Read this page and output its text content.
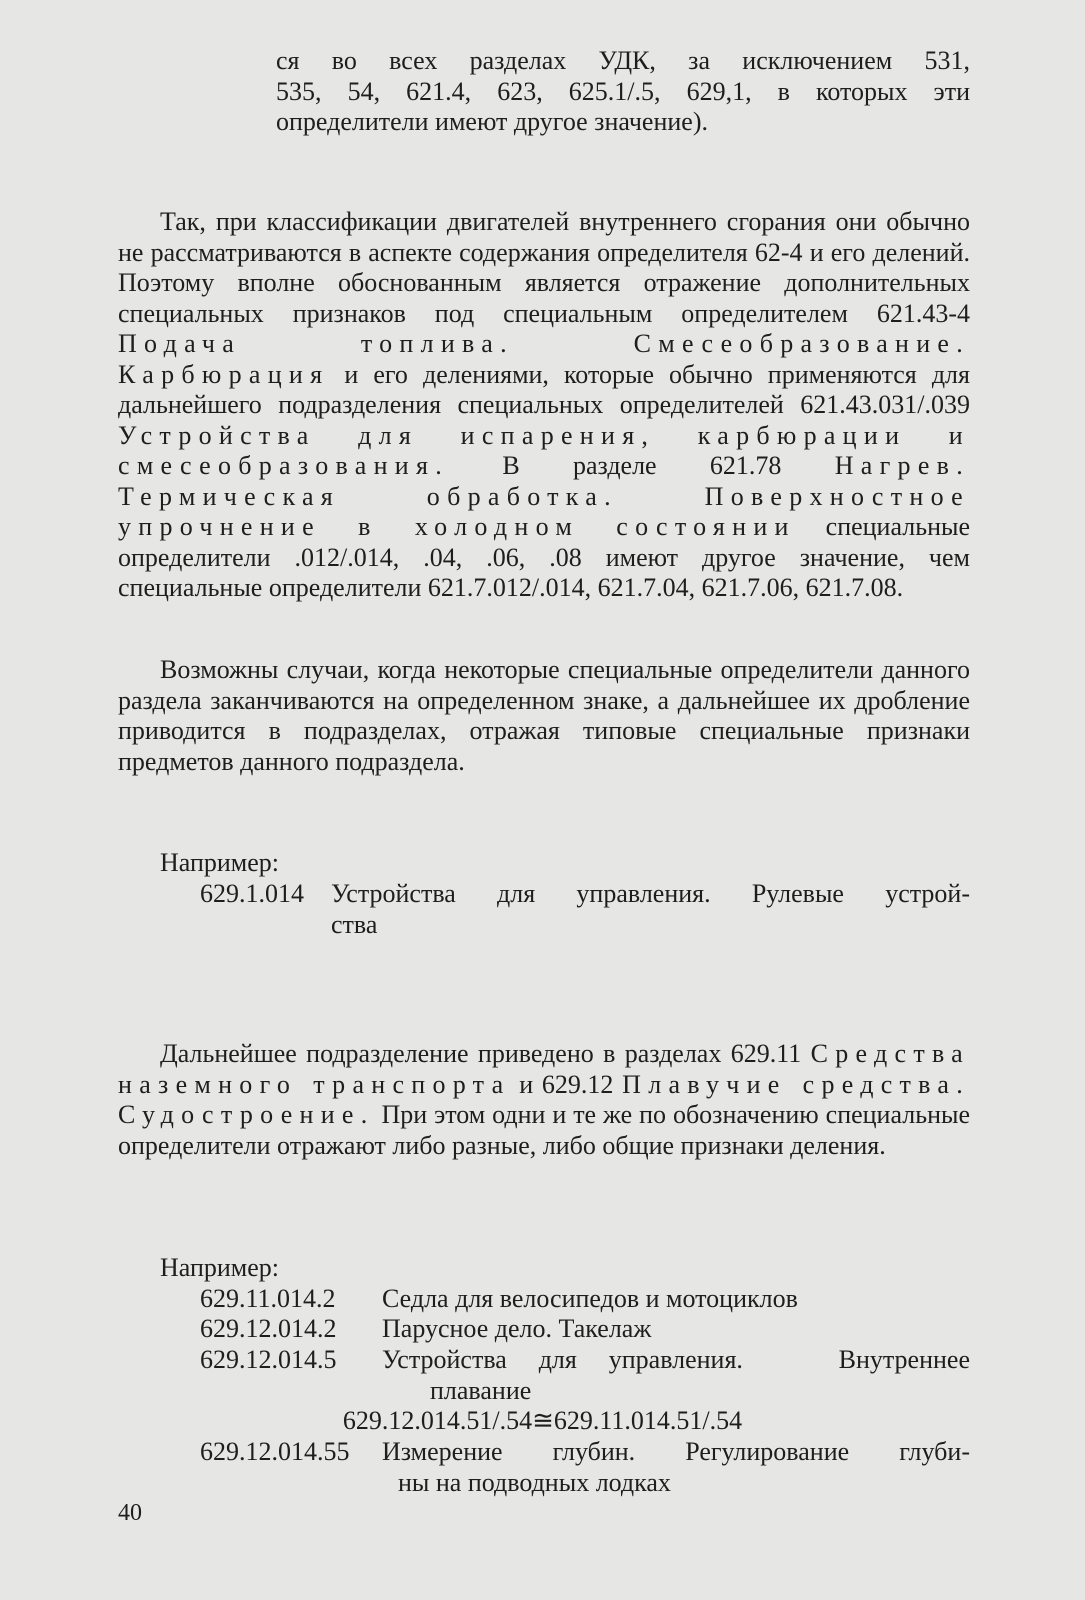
ся во всех разделах УДК, за исключением 531,
535, 54, 621.4, 623, 625.1/.5, 629,1, в которых эти
определители имеют другое значение).
Так, при классификации двигателей внутреннего сгорания они обычно не рассматриваются в аспекте содержания определителя 62-4 и его делений. Поэтому вполне обоснованным является отражение дополнительных специальных признаков под специальным определителем 621.43-4 Подача топлива. Смесеобразование. Карбюрация и его делениями, которые обычно применяются для дальнейшего подразделения специальных определителей 621.43.031/.039 Устройства для испарения, карбюрации и смесеобразования. В разделе 621.78 Нагрев. Термическая обработка. Поверхностное упрочнение в холодном состоянии специальные определители .012/.014, .04, .06, .08 имеют другое значение, чем специальные определители 621.7.012/.014, 621.7.04, 621.7.06, 621.7.08.
Возможны случаи, когда некоторые специальные определители данного раздела заканчиваются на определенном знаке, а дальнейшее их дробление приводится в подразделах, отражая типовые специальные признаки предметов данного подраздела.
Например:
629.1.014 Устройства для управления. Рулевые устрой-
ства
Дальнейшее подразделение приведено в разделах 629.11 Средства наземного транспорта и 629.12 Плавучие средства. Судостроение. При этом одни и те же по обозначению специальные определители отражают либо разные, либо общие признаки деления.
Например:
629.11.014.2 Седла для велосипедов и мотоциклов
629.12.014.2 Парусное дело. Такелаж
629.12.014.5 Устройства для управления.   Внутреннее
плавание
629.12.014.51/.54≅629.11.014.51/.54
629.12.014.55 Измерение глубин. Регулирование глуби-
ны на подводных лодках
40
